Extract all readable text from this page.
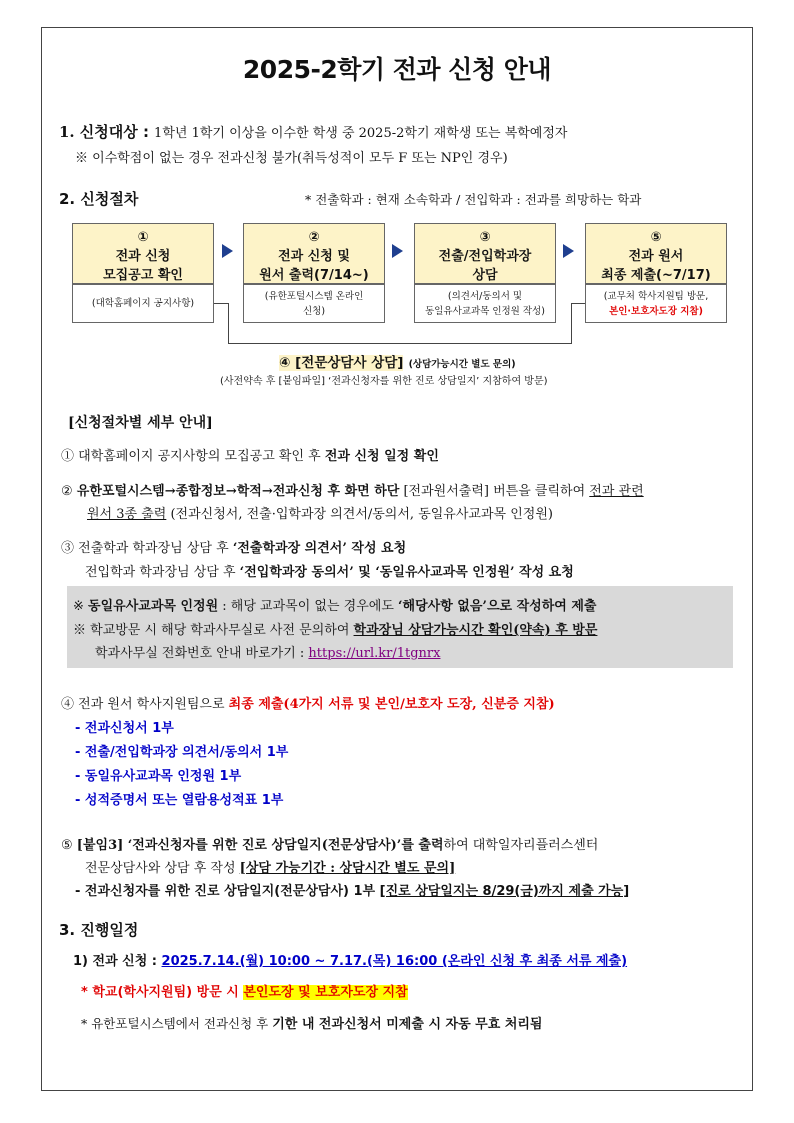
2025-2학기 전과 신청 안내
1. 신청대상 : 1학년 1학기 이상을 이수한 학생 중 2025-2학기 재학생 또는 복학예정자
※ 이수학점이 없는 경우 전과신청 불가(취득성적이 모두 F 또는 NP인 경우)
2. 신청절차	* 전출학과 : 현재 소속학과 / 전입학과 : 전과를 희망하는 학과
①
전과 신청
모집공고 확인
(대학홈페이지 공지사항)
②
전과 신청 및
원서 출력(7/14~)
(유한포털시스템 온라인
신청)
③
전출/전입학과장
상담
(의견서/동의서 및
동일유사교과목 인정원 작성)
⑤
전과 원서
최종 제출(~7/17)
(교무처 학사지원팀 방문,
본인·보호자도장 지참)
④ [전문상담사 상담] (상담가능시간 별도 문의)
(사전약속 후 [붙임파일] ‘전과신청자를 위한 진로 상담일지’ 지참하여 방문)
[신청절차별 세부 안내]
① 대학홈페이지 공지사항의 모집공고 확인 후 전과 신청 일정 확인
② 유한포털시스템→종합정보→학적→전과신청 후 화면 하단 [전과원서출력] 버튼을 클릭하여 전과 관련
원서 3종 출력 (전과신청서, 전출·입학과장 의견서/동의서, 동일유사교과목 인정원)
③ 전출학과 학과장님 상담 후 ‘전출학과장 의견서’ 작성 요청
전입학과 학과장님 상담 후 ‘전입학과장 동의서’ 및 ‘동일유사교과목 인정원’ 작성 요청
※ 동일유사교과목 인정원 : 해당 교과목이 없는 경우에도 ‘해당사항 없음’으로 작성하여 제출
※ 학교방문 시 해당 학과사무실로 사전 문의하여 학과장님 상담가능시간 확인(약속) 후 방문
학과사무실 전화번호 안내 바로가기 : https://url.kr/1tgnrx
④ 전과 원서 학사지원팀으로 최종 제출(4가지 서류 및 본인/보호자 도장, 신분증 지참)
- 전과신청서 1부
- 전출/전입학과장 의견서/동의서 1부
- 동일유사교과목 인정원 1부
- 성적증명서 또는 열람용성적표 1부
⑤ [붙임3] ‘전과신청자를 위한 진로 상담일지(전문상담사)’를 출력하여 대학일자리플러스센터
전문상담사와 상담 후 작성 [상담 가능기간 : 상담시간 별도 문의]
- 전과신청자를 위한 진로 상담일지(전문상담사) 1부 [진로 상담일지는 8/29(금)까지 제출 가능]
3. 진행일정
1) 전과 신청 : 2025.7.14.(월) 10:00 ~ 7.17.(목) 16:00 (온라인 신청 후 최종 서류 제출)
* 학교(학사지원팀) 방문 시 본인도장 및 보호자도장 지참
* 유한포털시스템에서 전과신청 후 기한 내 전과신청서 미제출 시 자동 무효 처리됨
